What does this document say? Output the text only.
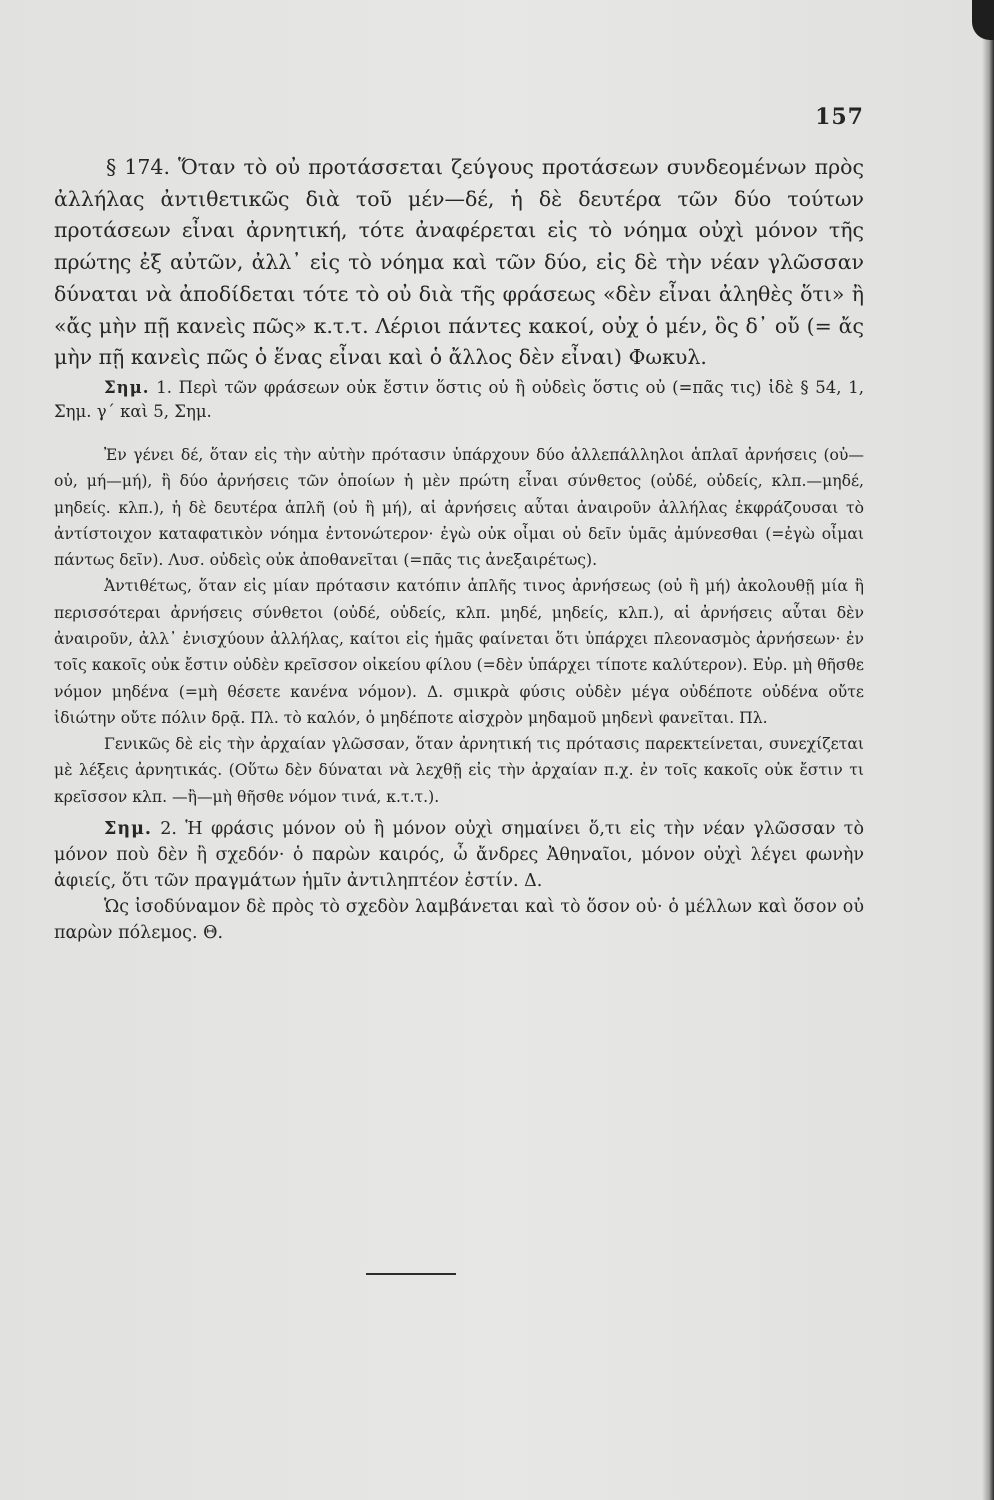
157

§ 174. Ὅταν τὸ οὐ προτάσσεται ζεύγους προτάσεων συνδεομένων πρὸς ἀλλήλας ἀντιθετικῶς διὰ τοῦ μέν—δέ, ἡ δὲ δευτέρα τῶν δύο τούτων προτάσεων εἶναι ἀρνητική, τότε ἀναφέρεται εἰς τὸ νόημα οὐχὶ μόνον τῆς πρώτης ἐξ αὐτῶν, ἀλλ᾽ εἰς τὸ νόημα καὶ τῶν δύο, εἰς δὲ τὴν νέαν γλῶσσαν δύναται νὰ ἀποδίδεται τότε τὸ οὐ διὰ τῆς φράσεως «δὲν εἶναι ἀληθὲς ὅτι» ἢ «ἄς μὴν πῇ κανεὶς πῶς» κ.τ.τ. Λέριοι πάντες κακοί, οὐχ ὁ μέν, ὃς δ᾽ οὔ (= ἄς μὴν πῇ κανεὶς πῶς ὁ ἕνας εἶναι καὶ ὁ ἄλλος δὲν εἶναι) Φωκυλ.

Σημ. 1. Περὶ τῶν φράσεων οὐκ ἔστιν ὅστις οὐ ἢ οὐδεὶς ὅστις οὐ (=πᾶς τις) ἰδὲ § 54, 1, Σημ. γ΄ καὶ 5, Σημ.

Ἐν γένει δέ, ὅταν εἰς τὴν αὐτὴν πρότασιν ὑπάρχουν δύο ἀλλεπάλληλοι ἁπλαῖ ἀρνήσεις (οὐ—οὐ, μή—μή), ἢ δύο ἀρνήσεις τῶν ὁποίων ἡ μὲν πρώτη εἶναι σύνθετος (οὐδέ, οὐδείς, κλπ.—μηδέ, μηδείς. κλπ.), ἡ δὲ δευτέρα ἁπλῆ (οὐ ἢ μή), αἱ ἀρνήσεις αὗται ἀναιροῦν ἀλλήλας ἐκφράζουσαι τὸ ἀντίστοιχον καταφατικὸν νόημα ἐντονώτερον· ἐγὼ οὐκ οἶμαι οὐ δεῖν ὑμᾶς ἀμύνεσθαι (=ἐγὼ οἶμαι πάντως δεῖν). Λυσ. οὐδεὶς οὐκ ἀποθανεῖται (=πᾶς τις ἀνεξαιρέτως).

Ἀντιθέτως, ὅταν εἰς μίαν πρότασιν κατόπιν ἁπλῆς τινος ἀρνήσεως (οὐ ἢ μή) ἀκολουθῇ μία ἢ περισσότεραι ἀρνήσεις σύνθετοι (οὐδέ, οὐδείς, κλπ. μηδέ, μηδείς, κλπ.), αἱ ἀρνήσεις αὗται δὲν ἀναιροῦν, ἀλλ᾽ ἐνισχύουν ἀλλήλας, καίτοι εἰς ἡμᾶς φαίνεται ὅτι ὑπάρχει πλεονασμὸς ἀρνήσεων· ἐν τοῖς κακοῖς οὐκ ἔστιν οὐδὲν κρεῖσσον οἰκείου φίλου (=δὲν ὑπάρχει τίποτε καλύτερον). Εὐρ. μὴ θῆσθε νόμον μηδένα (=μὴ θέσετε κανένα νόμον). Δ. σμικρὰ φύσις οὐδὲν μέγα οὐδέποτε οὐδένα οὔτε ἰδιώτην οὔτε πόλιν δρᾷ. Πλ. τὸ καλόν, ὁ μηδέποτε αἰσχρὸν μηδαμοῦ μηδενὶ φανεῖται. Πλ.

Γενικῶς δὲ εἰς τὴν ἀρχαίαν γλῶσσαν, ὅταν ἀρνητική τις πρότασις παρεκτείνεται, συνεχίζεται μὲ λέξεις ἀρνητικάς. (Οὕτω δὲν δύναται νὰ λεχθῇ εἰς τὴν ἀρχαίαν π.χ. ἐν τοῖς κακοῖς οὐκ ἔστιν τι κρεῖσσον κλπ. —ἢ—μὴ θῆσθε νόμον τινά, κ.τ.τ.).

Σημ. 2. Ἡ φράσις μόνον οὐ ἢ μόνον οὐχὶ σημαίνει ὅ,τι εἰς τὴν νέαν γλῶσσαν τὸ μόνον ποὺ δὲν ἢ σχεδόν· ὁ παρὼν καιρός, ὦ ἄνδρες Ἀθηναῖοι, μόνον οὐχὶ λέγει φωνὴν ἀφιείς, ὅτι τῶν πραγμάτων ἡμῖν ἀντιληπτέον ἐστίν. Δ.

Ὡς ἰσοδύναμον δὲ πρὸς τὸ σχεδὸν λαμβάνεται καὶ τὸ ὅσον οὐ· ὁ μέλλων καὶ ὅσον οὐ παρὼν πόλεμος. Θ.
